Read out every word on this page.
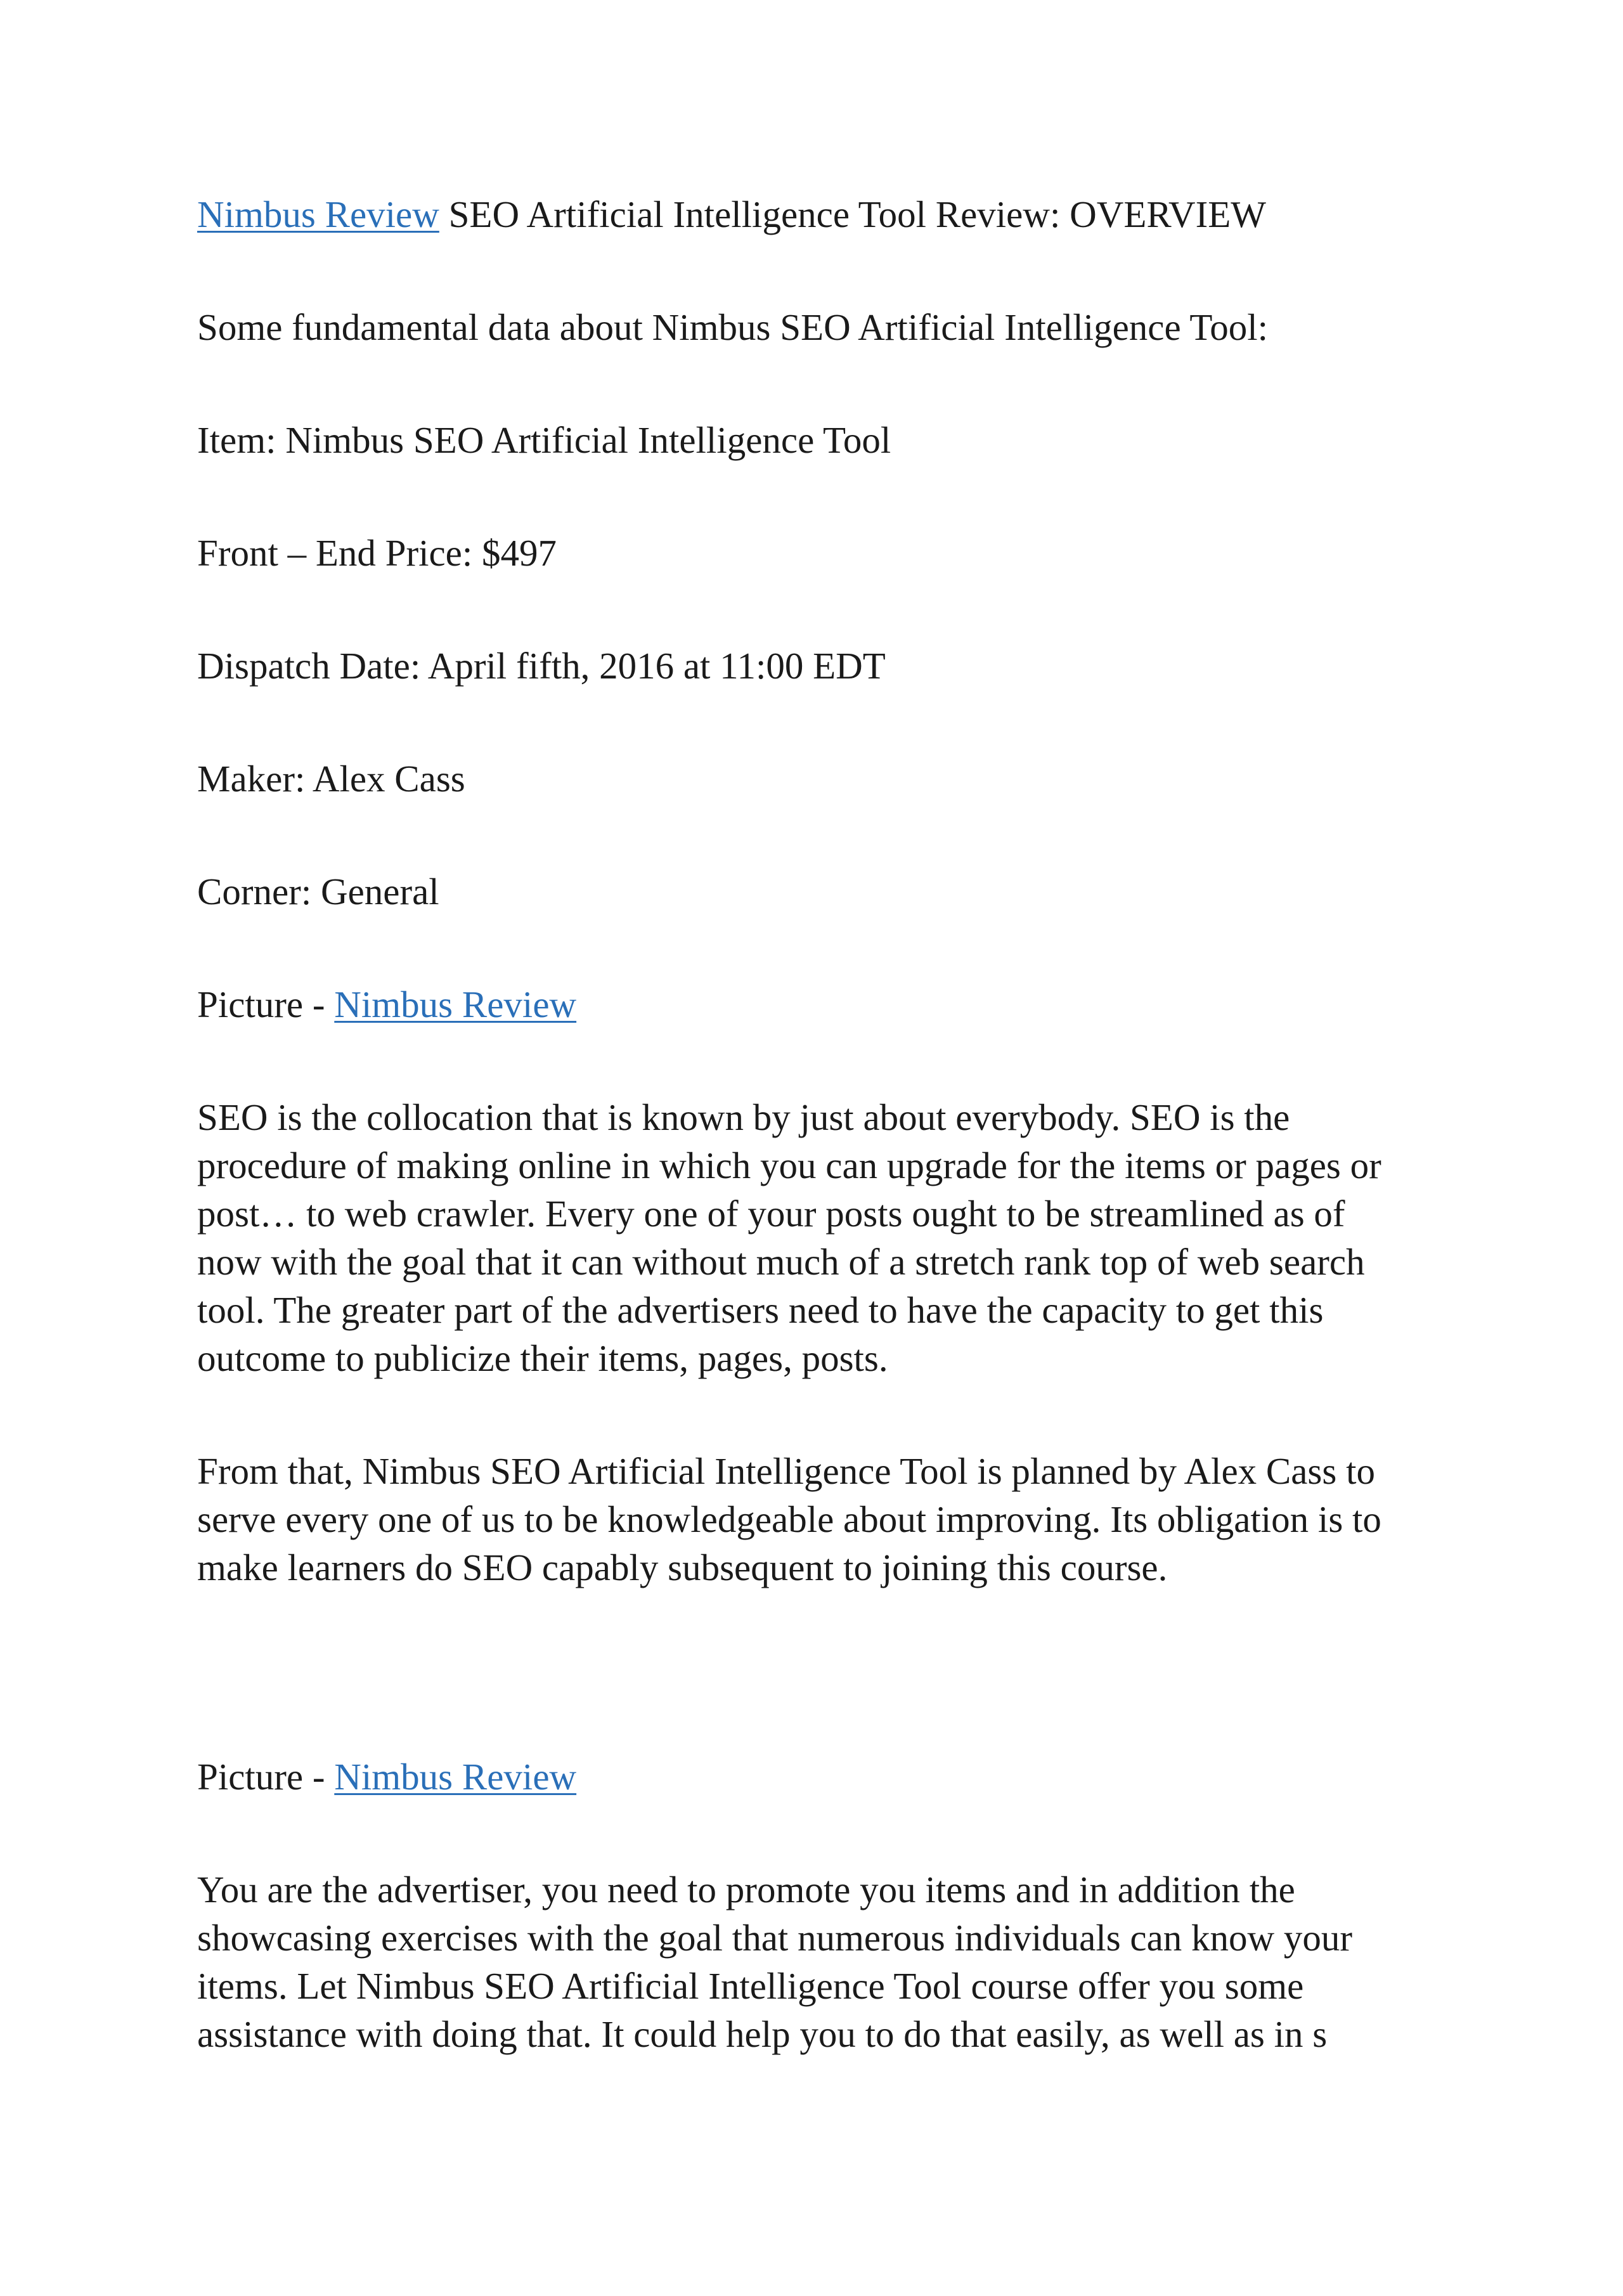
Nimbus Review SEO Artificial Intelligence Tool Review: OVERVIEW

Some fundamental data about Nimbus SEO Artificial Intelligence Tool:

Item: Nimbus SEO Artificial Intelligence Tool

Front – End Price: $497

Dispatch Date: April fifth, 2016 at 11:00 EDT

Maker: Alex Cass

Corner: General

Picture - Nimbus Review

SEO is the collocation that is known by just about everybody. SEO is the

procedure of making online in which you can upgrade for the items or pages or

post… to web crawler. Every one of your posts ought to be streamlined as of

now with the goal that it can without much of a stretch rank top of web search

tool. The greater part of the advertisers need to have the capacity to get this

outcome to publicize their items, pages, posts.

From that, Nimbus SEO Artificial Intelligence Tool is planned by Alex Cass to

serve every one of us to be knowledgeable about improving. Its obligation is to

make learners do SEO capably subsequent to joining this course.

Picture - Nimbus Review

You are the advertiser, you need to promote you items and in addition the

showcasing exercises with the goal that numerous individuals can know your

items. Let Nimbus SEO Artificial Intelligence Tool course offer you some

assistance with doing that. It could help you to do that easily, as well as in s
